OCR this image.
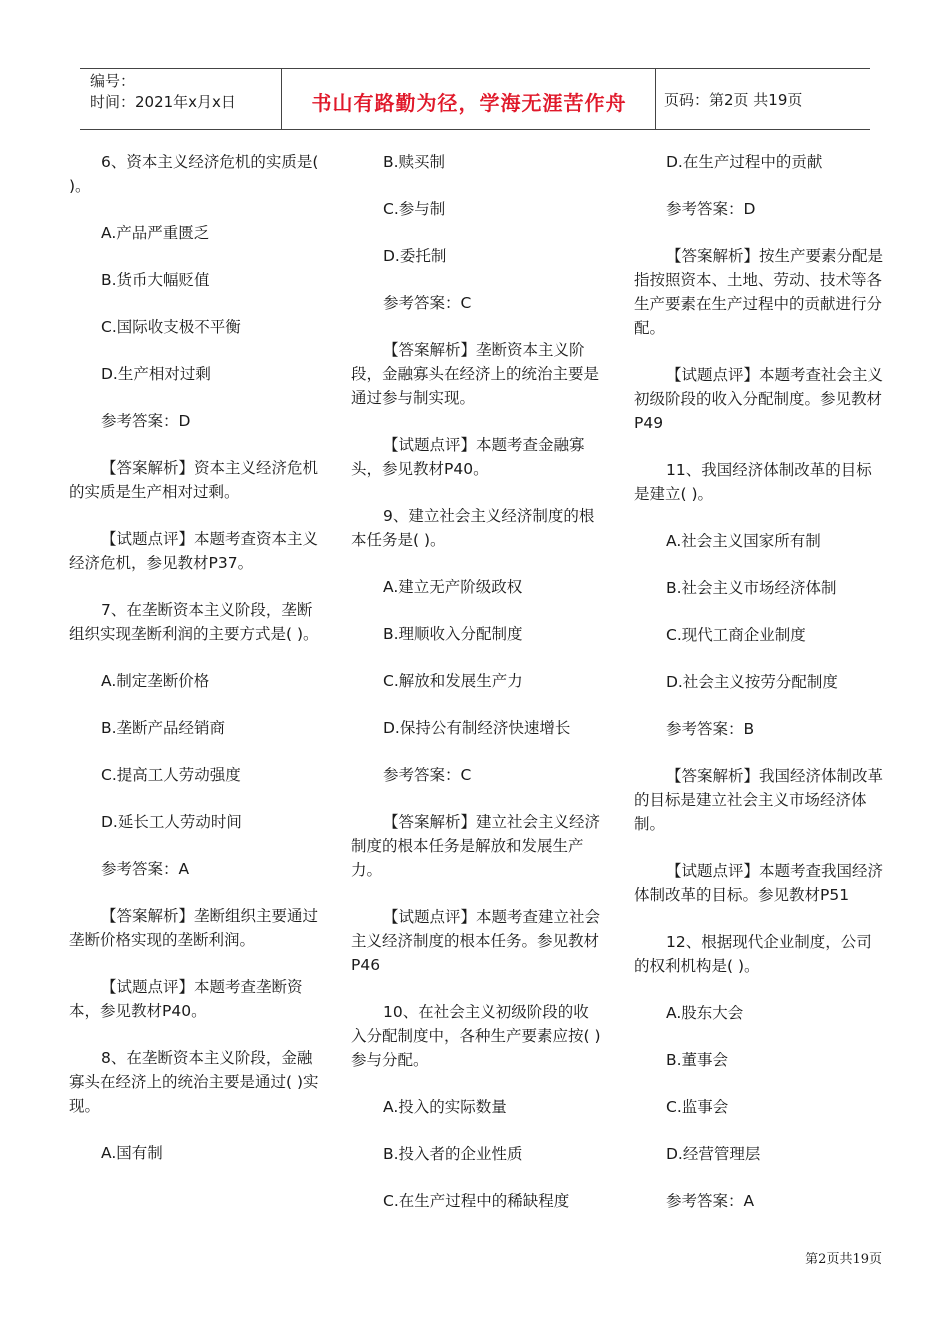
编号：
时间：2021年x月x日	书山有路勤为径，学海无涯苦作舟	页码：第2页 共19页

6、资本主义经济危机的实质是( )。

A.产品严重匮乏

B.货币大幅贬值

C.国际收支极不平衡

D.生产相对过剩

参考答案：D

【答案解析】资本主义经济危机的实质是生产相对过剩。

【试题点评】本题考查资本主义经济危机，参见教材P37。

7、在垄断资本主义阶段，垄断组织实现垄断利润的主要方式是( )。

A.制定垄断价格

B.垄断产品经销商

C.提高工人劳动强度

D.延长工人劳动时间

参考答案：A

【答案解析】垄断组织主要通过垄断价格实现的垄断利润。

【试题点评】本题考查垄断资本，参见教材P40。

8、在垄断资本主义阶段，金融寡头在经济上的统治主要是通过( )实现。

A.国有制

B.赎买制

C.参与制

D.委托制

参考答案：C

【答案解析】垄断资本主义阶段，金融寡头在经济上的统治主要是通过参与制实现。

【试题点评】本题考查金融寡头，参见教材P40。

9、建立社会主义经济制度的根本任务是( )。

A.建立无产阶级政权

B.理顺收入分配制度

C.解放和发展生产力

D.保持公有制经济快速增长

参考答案：C

【答案解析】建立社会主义经济制度的根本任务是解放和发展生产力。

【试题点评】本题考查建立社会主义经济制度的根本任务。参见教材P46

10、在社会主义初级阶段的收入分配制度中，各种生产要素应按( )参与分配。

A.投入的实际数量

B.投入者的企业性质

C.在生产过程中的稀缺程度

D.在生产过程中的贡献

参考答案：D

【答案解析】按生产要素分配是指按照资本、土地、劳动、技术等各生产要素在生产过程中的贡献进行分配。

【试题点评】本题考查社会主义初级阶段的收入分配制度。参见教材P49

11、我国经济体制改革的目标是建立( )。

A.社会主义国家所有制

B.社会主义市场经济体制

C.现代工商企业制度

D.社会主义按劳分配制度

参考答案：B

【答案解析】我国经济体制改革的目标是建立社会主义市场经济体制。

【试题点评】本题考查我国经济体制改革的目标。参见教材P51

12、根据现代企业制度，公司的权利机构是( )。

A.股东大会

B.董事会

C.监事会

D.经营管理层

参考答案：A

第2页共19页
